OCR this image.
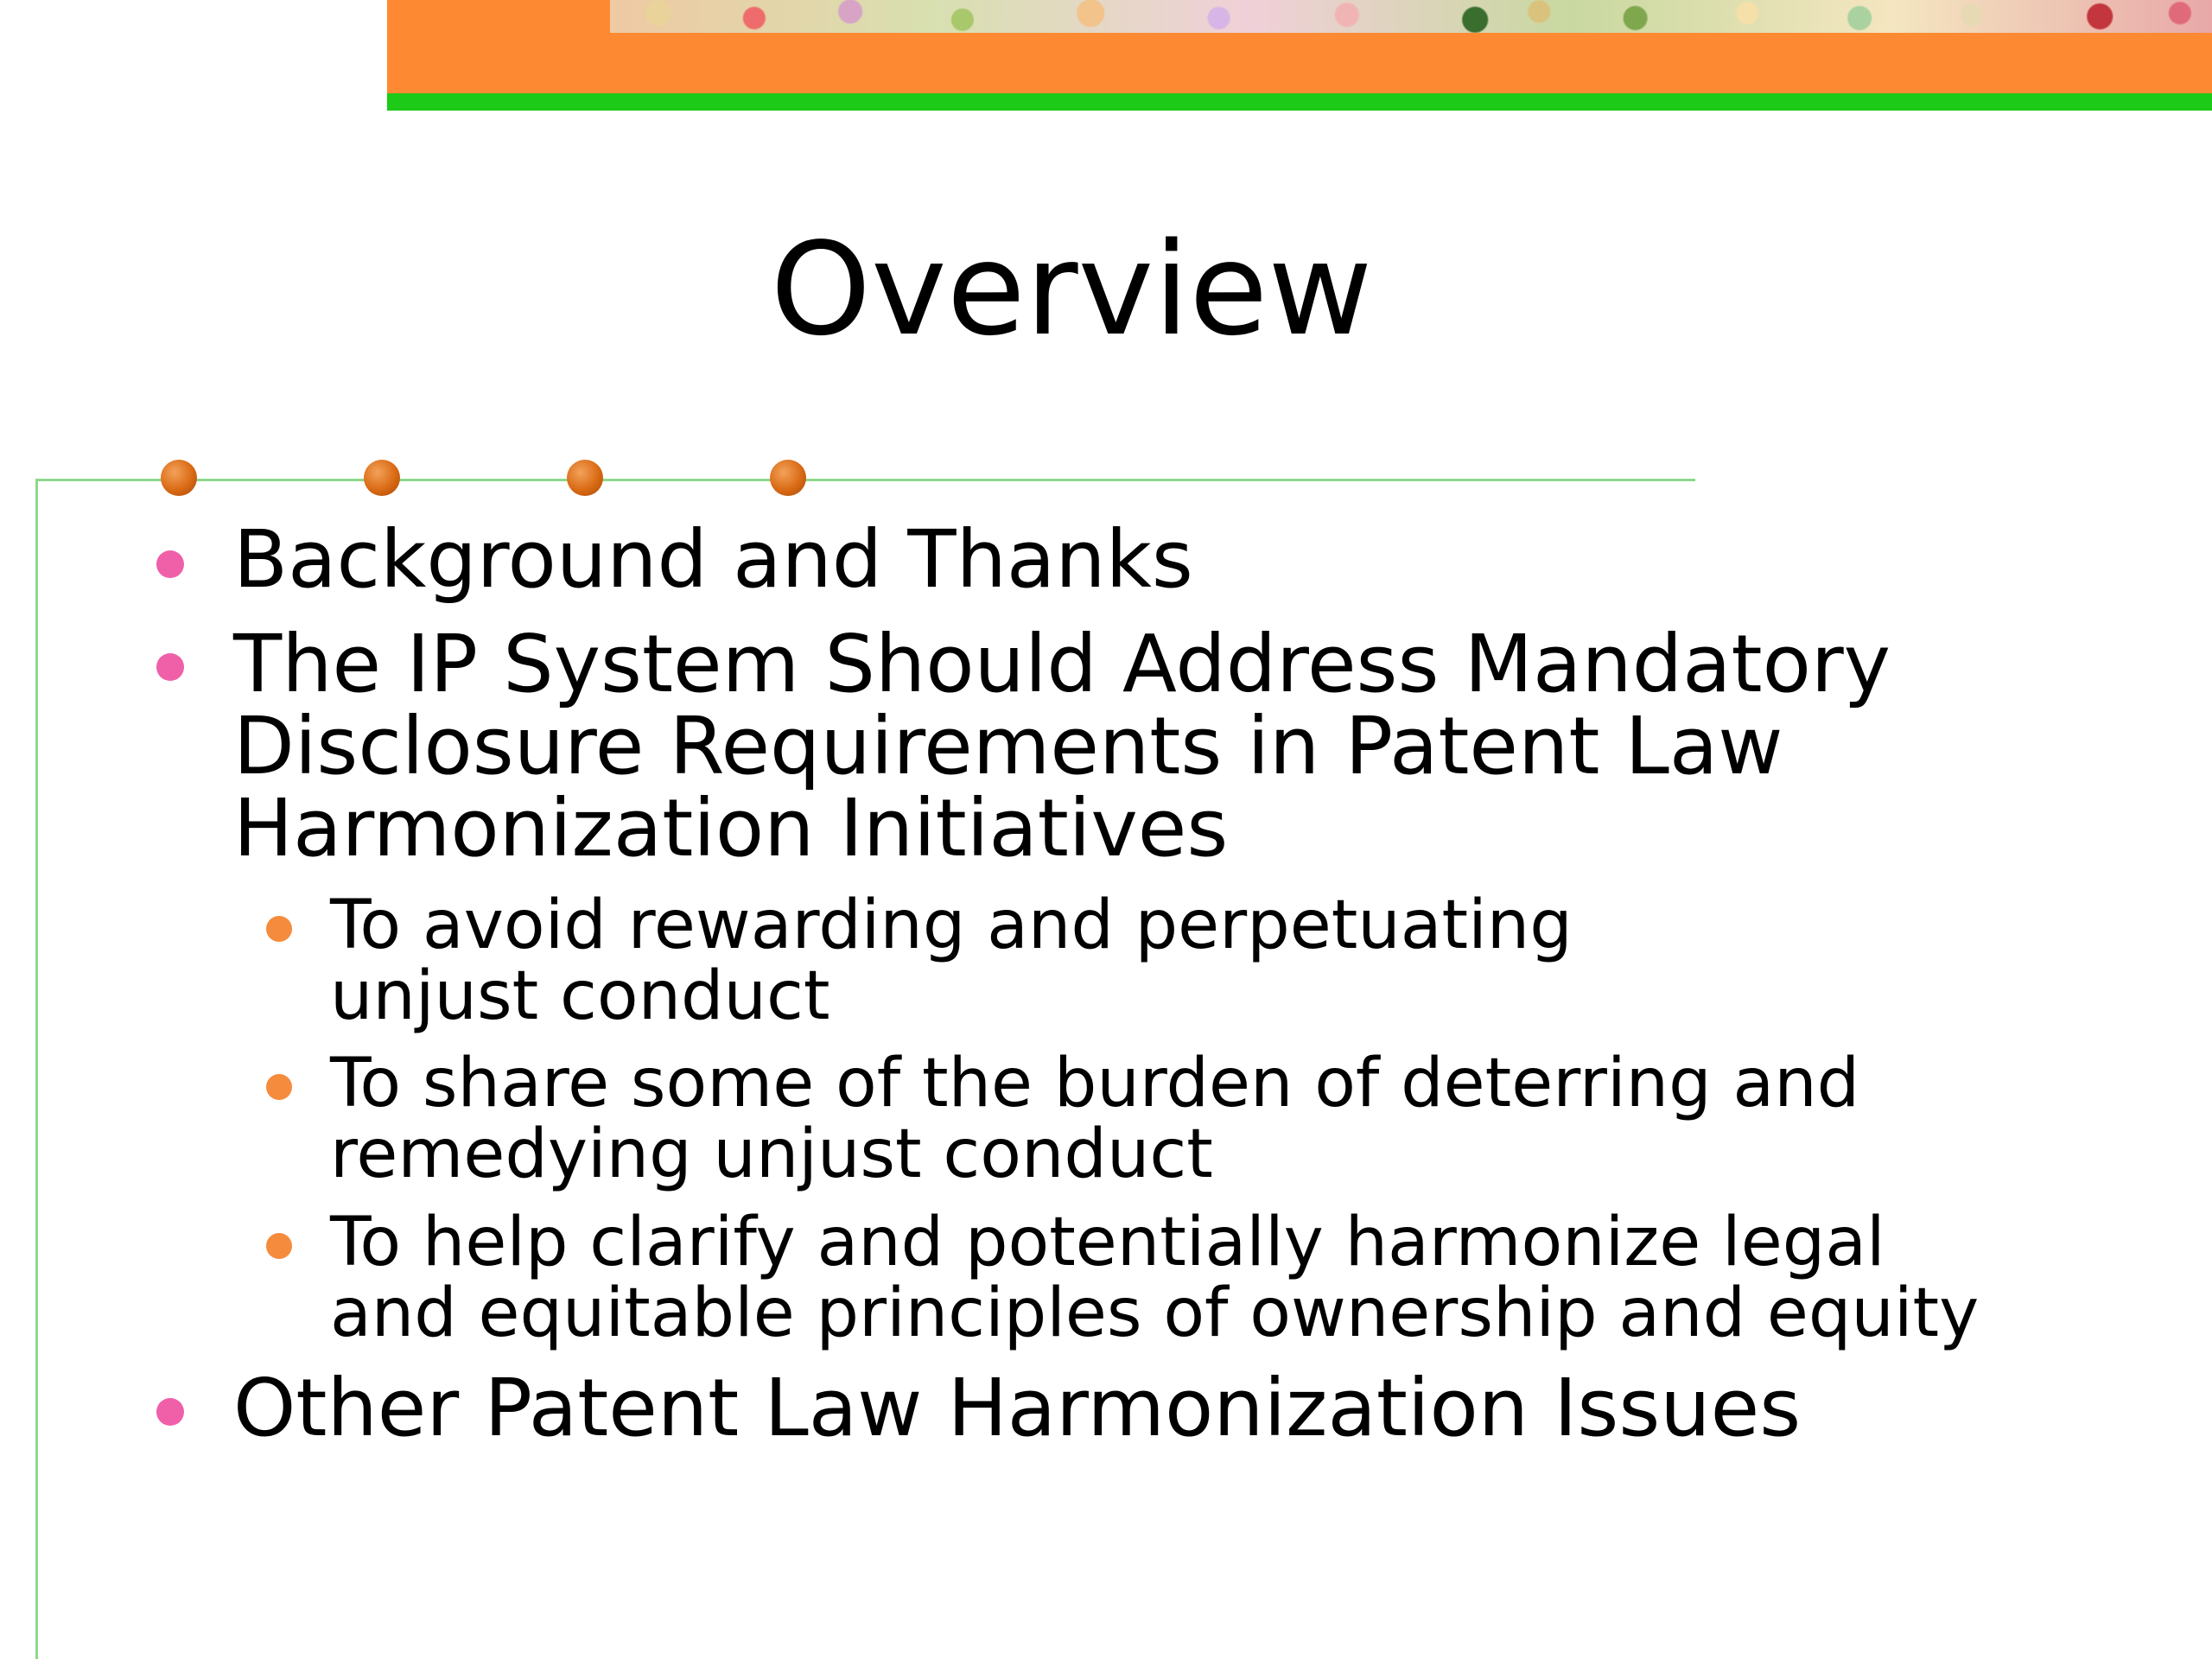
Overview

Background and Thanks

The IP System Should Address Mandatory Disclosure Requirements in Patent Law Harmonization Initiatives

To avoid rewarding and perpetuating unjust conduct

To share some of the burden of deterring and remedying unjust conduct

To help clarify and potentially harmonize legal and equitable principles of ownership and equity

Other Patent Law Harmonization Issues
